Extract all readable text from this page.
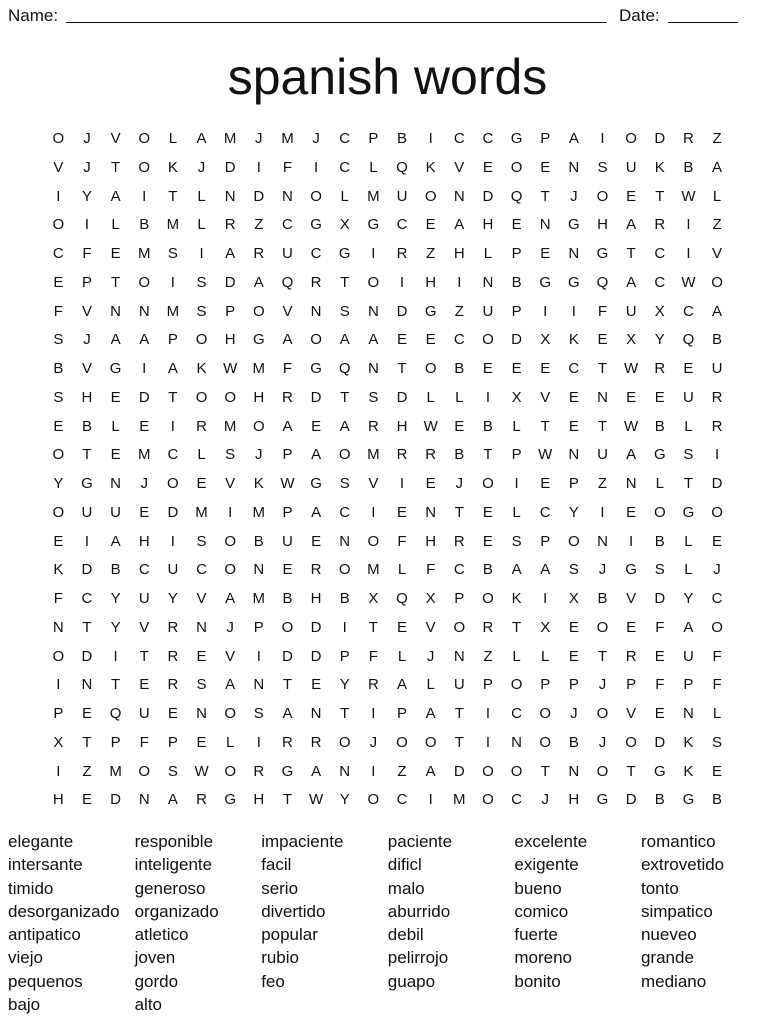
Name:	Date:
spanish words
O	J	V	O	L	A	M	J	M	J	C	P	B	I	C	C	G	P	A	I	O	D	R	Z
V	J	T	O	K	J	D	I	F	I	C	L	Q	K	V	E	O	E	N	S	U	K	B	A
I	Y	A	I	T	L	N	D	N	O	L	M	U	O	N	D	Q	T	J	O	E	T	W	L
O	I	L	B	M	L	R	Z	C	G	X	G	C	E	A	H	E	N	G	H	A	R	I	Z
C	F	E	M	S	I	A	R	U	C	G	I	R	Z	H	L	P	E	N	G	T	C	I	V
E	P	T	O	I	S	D	A	Q	R	T	O	I	H	I	N	B	G	G	Q	A	C	W	O
F	V	N	N	M	S	P	O	V	N	S	N	D	G	Z	U	P	I	I	F	U	X	C	A
S	J	A	A	P	O	H	G	A	O	A	A	E	E	C	O	D	X	K	E	X	Y	Q	B
B	V	G	I	A	K	W	M	F	G	Q	N	T	O	B	E	E	E	C	T	W	R	E	U
S	H	E	D	T	O	O	H	R	D	T	S	D	L	L	I	X	V	E	N	E	E	U	R
E	B	L	E	I	R	M	O	A	E	A	R	H	W	E	B	L	T	E	T	W	B	L	R
O	T	E	M	C	L	S	J	P	A	O	M	R	R	B	T	P	W	N	U	A	G	S	I
Y	G	N	J	O	E	V	K	W	G	S	V	I	E	J	O	I	E	P	Z	N	L	T	D
O	U	U	E	D	M	I	M	P	A	C	I	E	N	T	E	L	C	Y	I	E	O	G	O
E	I	A	H	I	S	O	B	U	E	N	O	F	H	R	E	S	P	O	N	I	B	L	E
K	D	B	C	U	C	O	N	E	R	O	M	L	F	C	B	A	A	S	J	G	S	L	J
F	C	Y	U	Y	V	A	M	B	H	B	X	Q	X	P	O	K	I	X	B	V	D	Y	C
N	T	Y	V	R	N	J	P	O	D	I	T	E	V	O	R	T	X	E	O	E	F	A	O
O	D	I	T	R	E	V	I	D	D	P	F	L	J	N	Z	L	L	E	T	R	E	U	F
I	N	T	E	R	S	A	N	T	E	Y	R	A	L	U	P	O	P	P	J	P	F	P	F
P	E	Q	U	E	N	O	S	A	N	T	I	P	A	T	I	C	O	J	O	V	E	N	L
X	T	P	F	P	E	L	I	R	R	O	J	O	O	T	I	N	O	B	J	O	D	K	S
I	Z	M	O	S	W	O	R	G	A	N	I	Z	A	D	O	O	T	N	O	T	G	K	E
H	E	D	N	A	R	G	H	T	W	Y	O	C	I	M	O	C	J	H	G	D	B	G	B
elegante	responible	impaciente	paciente	excelente	romantico
intersante	inteligente	facil	dificl	exigente	extrovetido
timido	generoso	serio	malo	bueno	tonto
desorganizado organizado	divertido	aburrido	comico	simpatico
antipatico	atletico	popular	debil	fuerte	nueveo
viejo	joven	rubio	pelirrojo	moreno	grande
pequenos	gordo	feo	guapo	bonito	mediano
bajo	alto
